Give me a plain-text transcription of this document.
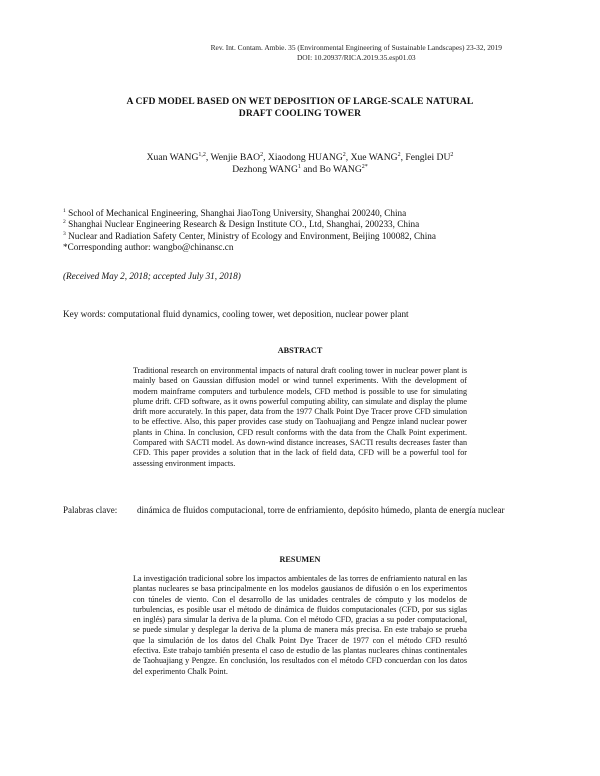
Rev. Int. Contam. Ambie. 35 (Environmental Engineering of Sustainable Landscapes) 23-32, 2019
DOI: 10.20937/RICA.2019.35.esp01.03
A CFD MODEL BASED ON WET DEPOSITION OF LARGE-SCALE NATURAL
DRAFT COOLING TOWER
Xuan WANG$^{1,2}$, Wenjie BAO$^2$, Xiaodong HUANG$^2$, Xue WANG$^2$, Fenglei $DU^2$
Dezhong WANG$^1$ and Bo $WANG^{2*}$
$^1$ School of Mechanical Engineering, Shanghai JiaoTong University, Shanghai 200240, China
$^2$ Shanghai Nuclear Engineering Research & Design Institute CO., Ltd, Shanghai, 200233, China
$^3$ Nuclear and Radiation Safety Center, Ministry of Ecology and Environment, Beijing 100082, China
*Corresponding author: wangbo@chinansc.cn
(Received May 2, 2018; accepted July 31, 2018)
Key words: computational fluid dynamics, cooling tower, wet deposition, nuclear power plant
ABSTRACT
Traditional research on environmental impacts of natural draft cooling tower in nuclear power plant is mainly based on Gaussian diffusion model or wind tunnel experiments. With the development of modern mainframe computers and turbulence models, CFD method is possible to use for simulating plume drift. CFD software, as it owns powerful computing ability, can simulate and display the plume drift more accurately. In this paper, data from the 1977 Chalk Point Dye Tracer prove CFD simulation to be effective. Also, this paper provides case study on Taohuajiang and Pengze inland nuclear power plants in China. In conclusion, CFD result conforms with the data from the Chalk Point experiment. Compared with SACTI model. As down-wind distance increases, SACTI results decreases faster than CFD. This paper provides a solution that in the lack of field data, CFD will be a powerful tool for assessing environment impacts.
Palabras clave: dinámica de fluidos computacional, torre de enfriamiento, depósito húmedo, planta de energía nuclear
RESUMEN
La investigación tradicional sobre los impactos ambientales de las torres de enfriamiento natural en las plantas nucleares se basa principalmente en los modelos gausianos de difusión o en los experimentos con túneles de viento. Con el desarrollo de las unidades centrales de cómputo y los modelos de turbulencias, es posible usar el método de dinámica de fluidos computacionales (CFD, por sus siglas en inglés) para simular la deriva de la pluma. Con el método CFD, gracias a su poder computacional, se puede simular y desplegar la deriva de la pluma de manera más precisa. En este trabajo se prueba que la simulación de los datos del Chalk Point Dye Tracer de 1977 con el método CFD resultó efectiva. Este trabajo también presenta el caso de estudio de las plantas nucleares chinas continentales de Taohuajiang y Pengze. En conclusión, los resultados con el método CFD concuerdan con los datos del experimento Chalk Point.
